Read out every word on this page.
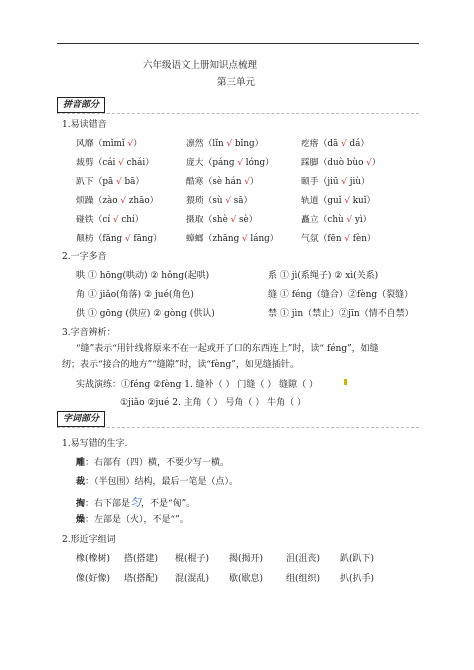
六年级语文上册知识点梳理
第三单元
拼音部分
1.易读错音
风靡（mǐmǐ √）	凛然（lǐn √ bǐng）	疙瘩（dā √ dá）
裁剪（cái √ chái）	庞大（pánɡ √ lónɡ）	踩脚（duò bùo √）
趴下（pā √ bā）	酷寒（sè hán √）	颐手（jiū √ jiù）
烦躁（zào √ zhāo）	猥琐（sù √ sā）	轨道（guǐ √ kuǐ）
碰铁（cí √ chí）	摄取（shè √ sè）	矗立（chù √ yì）
颠枋（fāng √ fāng）	蟑螂（zhāng √ láng）	气氛（fēn √ fèn）
2.一字多音
哄 ① hōng(哄动) ② hǒng(起哄)	系 ① jì(系绳子) ② xì(关系)
角 ① jiǎo(角落) ② jué(角色)	缝 ① féng（缝合）②fèng（裂缝）
供 ① gōng (供应) ② gòng (供认)	禁 ① jìn（禁止）②jīn（情不自禁）
3.字音辨析：
“缝”表示“用针线将原来不在一起或开了口的东西连上”时，读“ féng”，如缝
纫；表示“接合的地方”“缝隙”时，读“fèng”，如见缝插针。
实战演练：①féng ②fèng 1. 缝补（ ） 门缝（ ） 缝隙（ ）
①jiǎo ②jué 2. 主角（ ） 号角（ ） 牛角（ ）
字词部分
1.易写错的生字.
雕：右部有（四）横，不要少写一横。
裁：（半包围）结构，最后一笔是（点）。
掏：右下部是匀，不是“匈”。
燥：左部是（火），不是“”。
2.形近字组词
橡(橡树) 搭(搭建) 棍(棍子) 揭(揭开)	沮(沮丧) 趴(趴下)
像(好像) 塔(搭配) 混(混乱) 歇(歇息)	组(组织) 扒(扒手)
